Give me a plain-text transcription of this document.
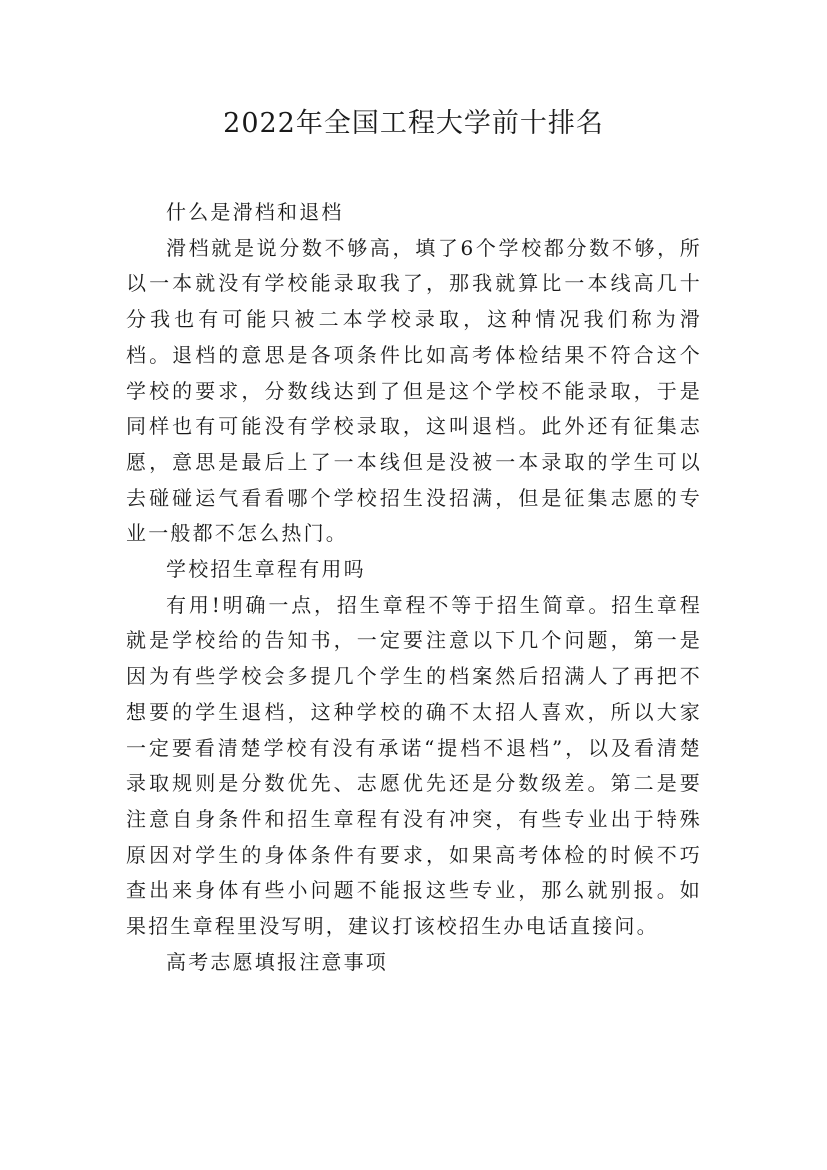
2022年全国工程大学前十排名

什么是滑档和退档

滑档就是说分数不够高，填了6个学校都分数不够，所以一本就没有学校能录取我了，那我就算比一本线高几十分我也有可能只被二本学校录取，这种情况我们称为滑档。退档的意思是各项条件比如高考体检结果不符合这个学校的要求，分数线达到了但是这个学校不能录取，于是同样也有可能没有学校录取，这叫退档。此外还有征集志愿，意思是最后上了一本线但是没被一本录取的学生可以去碰碰运气看看哪个学校招生没招满，但是征集志愿的专业一般都不怎么热门。

学校招生章程有用吗

有用!明确一点，招生章程不等于招生简章。招生章程就是学校给的告知书，一定要注意以下几个问题，第一是因为有些学校会多提几个学生的档案然后招满人了再把不想要的学生退档，这种学校的确不太招人喜欢，所以大家一定要看清楚学校有没有承诺“提档不退档”，以及看清楚录取规则是分数优先、志愿优先还是分数级差。第二是要注意自身条件和招生章程有没有冲突，有些专业出于特殊原因对学生的身体条件有要求，如果高考体检的时候不巧查出来身体有些小问题不能报这些专业，那么就别报。如果招生章程里没写明，建议打该校招生办电话直接问。

高考志愿填报注意事项
